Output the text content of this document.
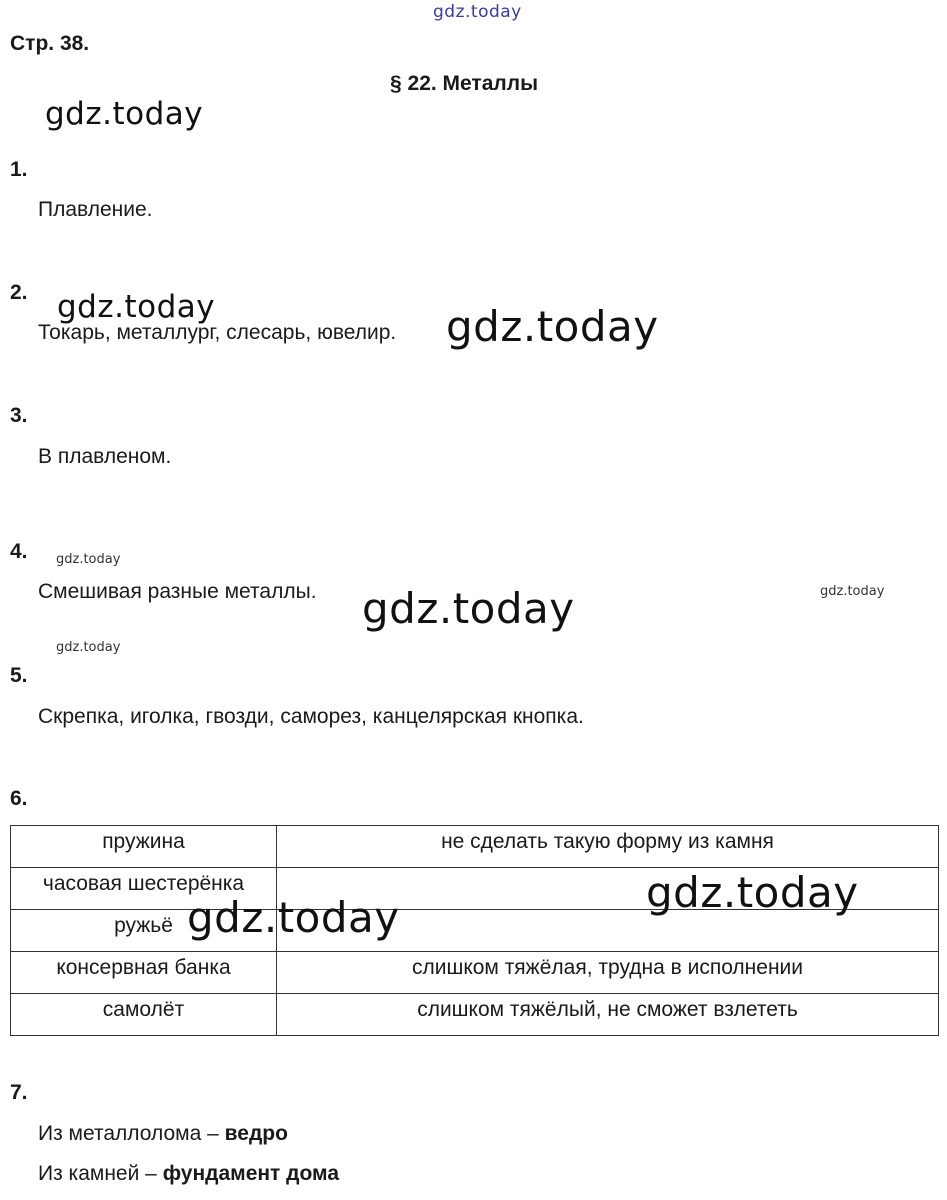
gdz.today
gdz.today
gdz.today
gdz.today
gdz.today
gdz.today
Стр. 38.
§ 22. Металлы
1.
Плавление.
2.
Токарь, металлург, слесарь, ювелир.
3.
В плавленом.
4.
Смешивая разные металлы.
5.
Скрепка, иголка, гвозди, саморез, канцелярская кнопка.
6.
пружина	не сделать такую форму из камня
часовая шестерёнка	
ружьё	
консервная банка	слишком тяжёлая, трудна в исполнении
самолёт	слишком тяжёлый, не сможет взлететь
7.
Из металлолома – ведро
Из камней – фундамент дома
gdz.today
gdz.today
gdz.today
gdz.today
